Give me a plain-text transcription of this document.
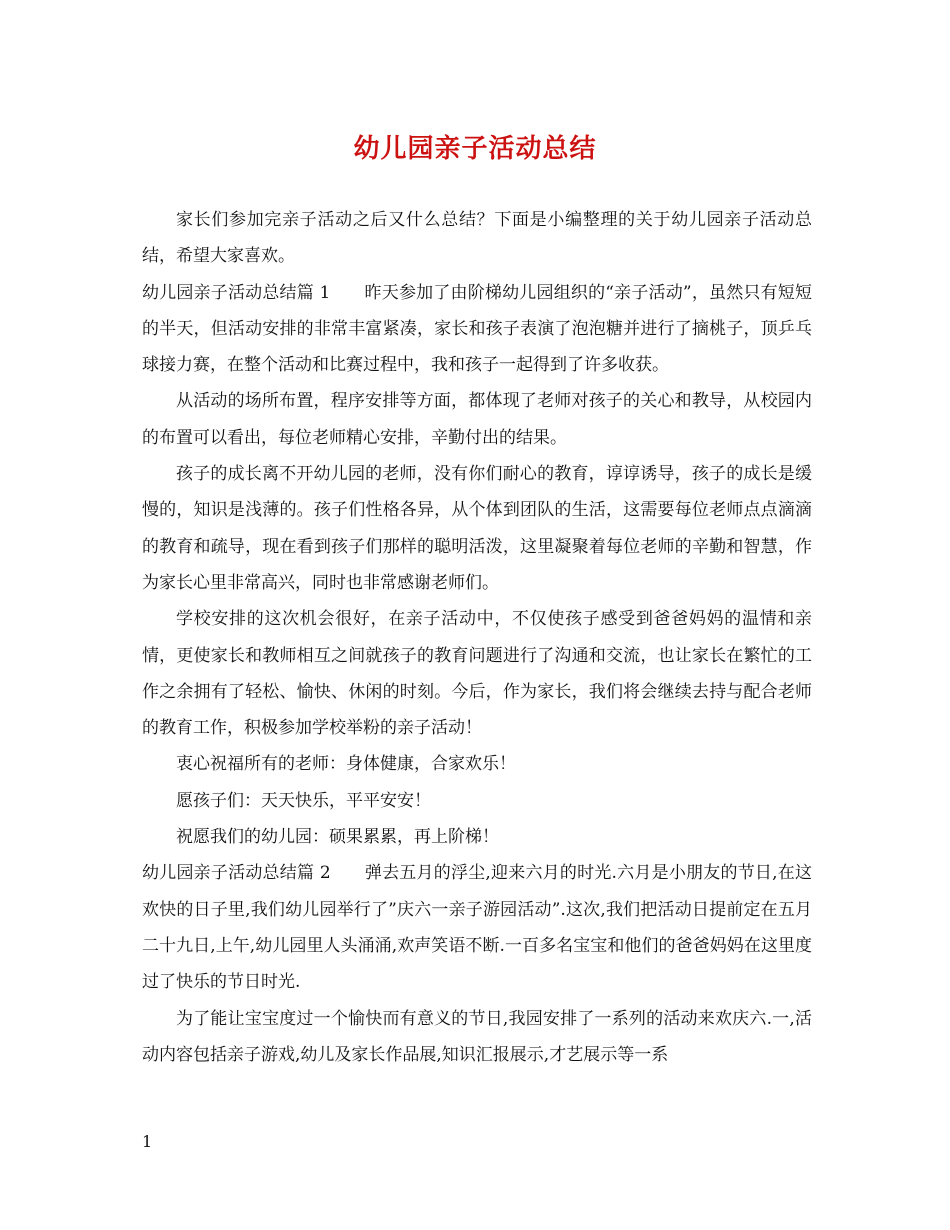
幼儿园亲子活动总结

家长们参加完亲子活动之后又什么总结？下面是小编整理的关于幼儿园亲子活动总结，希望大家喜欢。

幼儿园亲子活动总结篇 1 昨天参加了由阶梯幼儿园组织的“亲子活动”，虽然只有短短的半天，但活动安排的非常丰富紧凑，家长和孩子表演了泡泡糖并进行了摘桃子，顶乒乓球接力赛，在整个活动和比赛过程中，我和孩子一起得到了许多收获。

从活动的场所布置，程序安排等方面，都体现了老师对孩子的关心和教导，从校园内的布置可以看出，每位老师精心安排，辛勤付出的结果。

孩子的成长离不开幼儿园的老师，没有你们耐心的教育，谆谆诱导，孩子的成长是缓慢的，知识是浅薄的。孩子们性格各异，从个体到团队的生活，这需要每位老师点点滴滴的教育和疏导，现在看到孩子们那样的聪明活泼，这里凝聚着每位老师的辛勤和智慧，作为家长心里非常高兴，同时也非常感谢老师们。

学校安排的这次机会很好，在亲子活动中，不仅使孩子感受到爸爸妈妈的温情和亲情，更使家长和教师相互之间就孩子的教育问题进行了沟通和交流，也让家长在繁忙的工作之余拥有了轻松、愉快、休闲的时刻。今后，作为家长，我们将会继续去持与配合老师的教育工作，积极参加学校举粉的亲子活动！

衷心祝福所有的老师：身体健康，合家欢乐！

愿孩子们：天天快乐，平平安安！

祝愿我们的幼儿园：硕果累累，再上阶梯！

幼儿园亲子活动总结篇 2 弹去五月的浮尘,迎来六月的时光.六月是小朋友的节日,在这欢快的日子里,我们幼儿园举行了”庆六一亲子游园活动”.这次,我们把活动日提前定在五月二十九日,上午,幼儿园里人头涌涌,欢声笑语不断.一百多名宝宝和他们的爸爸妈妈在这里度过了快乐的节日时光.

为了能让宝宝度过一个愉快而有意义的节日,我园安排了一系列的活动来欢庆六.一,活动内容包括亲子游戏,幼儿及家长作品展,知识汇报展示,才艺展示等一系

1
